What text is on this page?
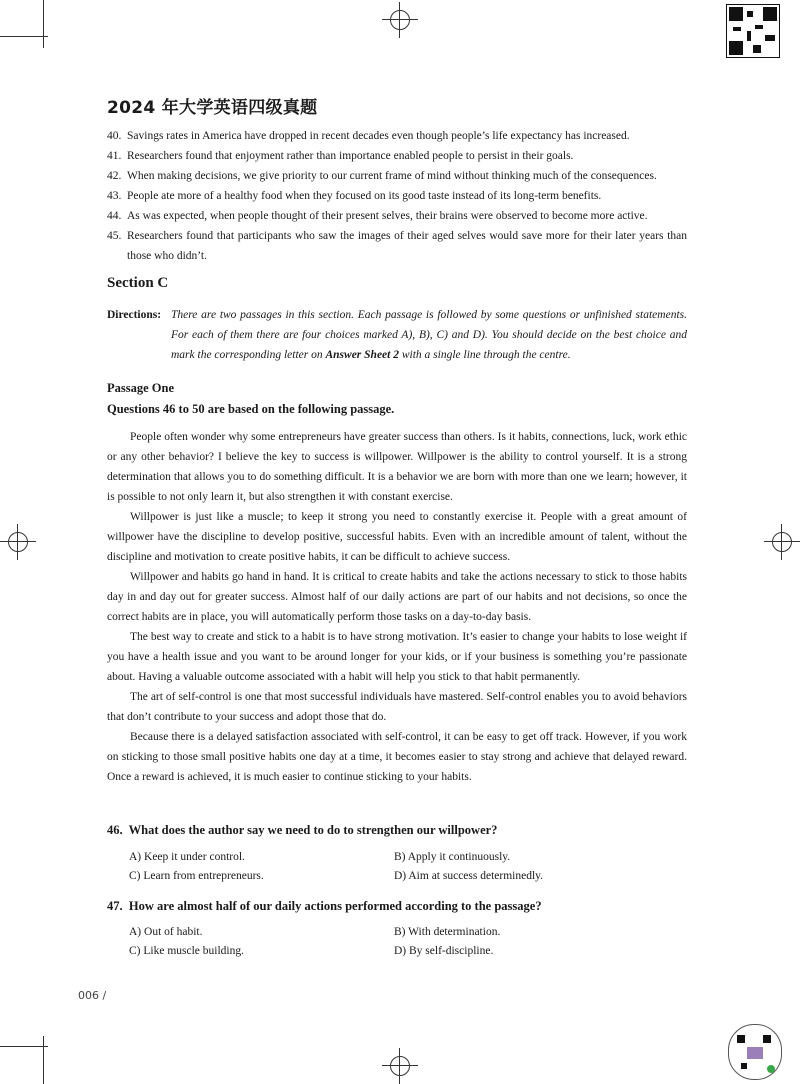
2024 年大学英语四级真题
40. Savings rates in America have dropped in recent decades even though people’s life expectancy has increased.
41. Researchers found that enjoyment rather than importance enabled people to persist in their goals.
42. When making decisions, we give priority to our current frame of mind without thinking much of the consequences.
43. People ate more of a healthy food when they focused on its good taste instead of its long-term benefits.
44. As was expected, when people thought of their present selves, their brains were observed to become more active.
45. Researchers found that participants who saw the images of their aged selves would save more for their later years than those who didn’t.
Section C
Directions: There are two passages in this section. Each passage is followed by some questions or unfinished statements. For each of them there are four choices marked A), B), C) and D). You should decide on the best choice and mark the corresponding letter on Answer Sheet 2 with a single line through the centre.
Passage One
Questions 46 to 50 are based on the following passage.

People often wonder why some entrepreneurs have greater success than others. Is it habits, connections, luck, work ethic or any other behavior? I believe the key to success is willpower. Willpower is the ability to control yourself. It is a strong determination that allows you to do something difficult. It is a behavior we are born with more than one we learn; however, it is possible to not only learn it, but also strengthen it with constant exercise.

Willpower is just like a muscle; to keep it strong you need to constantly exercise it. People with a great amount of willpower have the discipline to develop positive, successful habits. Even with an incredible amount of talent, without the discipline and motivation to create positive habits, it can be difficult to achieve success.

Willpower and habits go hand in hand. It is critical to create habits and take the actions necessary to stick to those habits day in and day out for greater success. Almost half of our daily actions are part of our habits and not decisions, so once the correct habits are in place, you will automatically perform those tasks on a day-to-day basis.

The best way to create and stick to a habit is to have strong motivation. It’s easier to change your habits to lose weight if you have a health issue and you want to be around longer for your kids, or if your business is something you’re passionate about. Having a valuable outcome associated with a habit will help you stick to that habit permanently.

The art of self-control is one that most successful individuals have mastered. Self-control enables you to avoid behaviors that don’t contribute to your success and adopt those that do.

Because there is a delayed satisfaction associated with self-control, it can be easy to get off track. However, if you work on sticking to those small positive habits one day at a time, it becomes easier to stay strong and achieve that delayed reward. Once a reward is achieved, it is much easier to continue sticking to your habits.

46. What does the author say we need to do to strengthen our willpower?
A) Keep it under control.	B) Apply it continuously.
C) Learn from entrepreneurs.	D) Aim at success determinedly.
47. How are almost half of our daily actions performed according to the passage?
A) Out of habit.	B) With determination.
C) Like muscle building.	D) By self-discipline.
006 /
